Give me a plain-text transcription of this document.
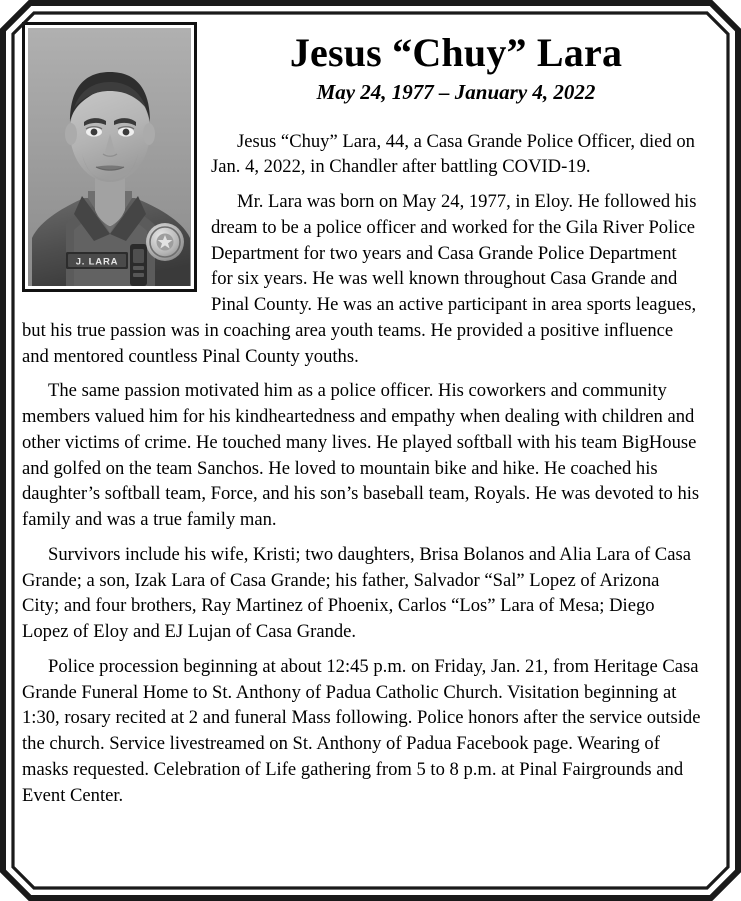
J. LARA
Jesus “Chuy” Lara
May 24, 1977 – January 4, 2022

Jesus “Chuy” Lara, 44, a Casa Grande Police Officer, died on Jan. 4, 2022, in Chandler after battling COVID-19.

Mr. Lara was born on May 24, 1977, in Eloy. He followed his dream to be a police officer and worked for the Gila River Police Department for two years and Casa Grande Police Department for six years. He was well known throughout Casa Grande and Pinal County. He was an active participant in area sports leagues, but his true passion was in coaching area youth teams. He provided a positive influence and mentored countless Pinal County youths.

The same passion motivated him as a police officer. His coworkers and community members valued him for his kindheartedness and empathy when dealing with children and other victims of crime. He touched many lives. He played softball with his team BigHouse and golfed on the team Sanchos. He loved to mountain bike and hike. He coached his daughter’s softball team, Force, and his son’s baseball team, Royals. He was devoted to his family and was a true family man.

Survivors include his wife, Kristi; two daughters, Brisa Bolanos and Alia Lara of Casa Grande; a son, Izak Lara of Casa Grande; his father, Salvador “Sal” Lopez of Arizona City; and four brothers, Ray Martinez of Phoenix, Carlos “Los” Lara of Mesa; Diego Lopez of Eloy and EJ Lujan of Casa Grande.

Police procession beginning at about 12:45 p.m. on Friday, Jan. 21, from Heritage Casa Grande Funeral Home to St. Anthony of Padua Catholic Church. Visitation beginning at 1:30, rosary recited at 2 and funeral Mass following. Police honors after the service outside the church. Service livestreamed on St. Anthony of Padua Facebook page. Wearing of masks requested. Celebration of Life gathering from 5 to 8 p.m. at Pinal Fairgrounds and Event Center.
